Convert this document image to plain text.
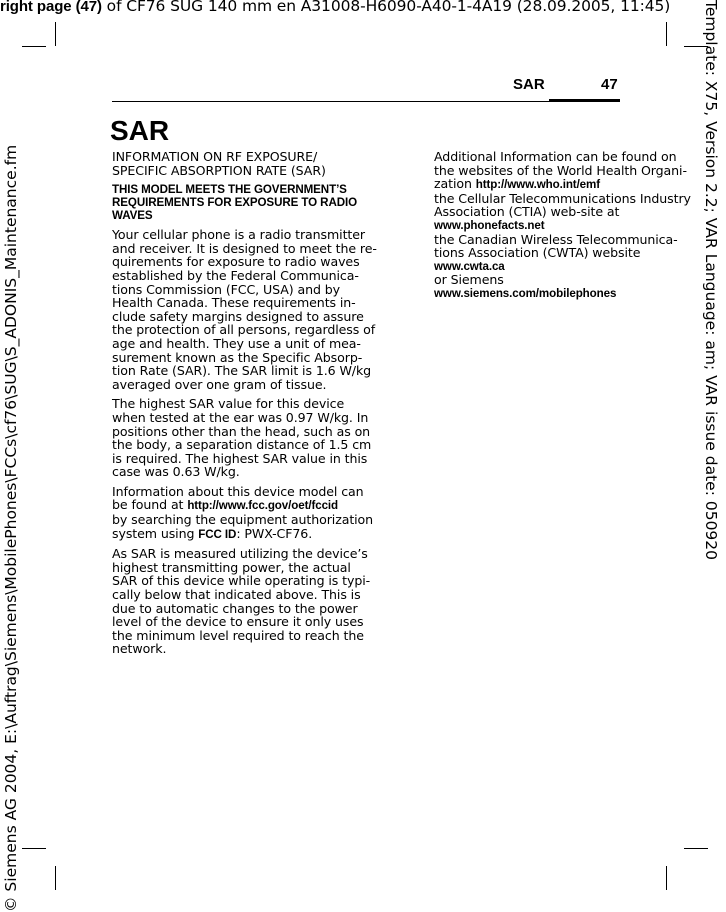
right page (47) of CF76 SUG 140 mm en A31008-H6090-A40-1-4A19 (28.09.2005, 11:45) Template: X75, Version 2.2; VAR Language: am; VAR issue date: 050920
© Siemens AG 2004, E:\Auftrag\Siemens\MobilePhones\FCCs\cf76\SUG\S_ADONIS_Maintenance.fm
SAR	47
SAR

INFORMATION ON RF EXPOSURE/
SPECIFIC ABSORPTION RATE (SAR)

THIS MODEL MEETS THE GOVERNMENT’S
REQUIREMENTS FOR EXPOSURE TO RADIO
WAVES

Your cellular phone is a radio transmitter
and receiver. It is designed to meet the re-
quirements for exposure to radio waves
established by the Federal Communica-
tions Commission (FCC, USA) and by
Health Canada. These requirements in-
clude safety margins designed to assure
the protection of all persons, regardless of
age and health. They use a unit of mea-
surement known as the Specific Absorp-
tion Rate (SAR). The SAR limit is 1.6 W/kg
averaged over one gram of tissue.

The highest SAR value for this device
when tested at the ear was 0.97 W/kg. In
positions other than the head, such as on
the body, a separation distance of 1.5 cm
is required. The highest SAR value in this
case was 0.63 W/kg.

Information about this device model can
be found at http://www.fcc.gov/oet/fccid
by searching the equipment authorization
system using FCC ID: PWX-CF76.

As SAR is measured utilizing the device’s
highest transmitting power, the actual
SAR of this device while operating is typi-
cally below that indicated above. This is
due to automatic changes to the power
level of the device to ensure it only uses
the minimum level required to reach the
network.

Additional Information can be found on
the websites of the World Health Organi-
zation http://www.who.int/emf
the Cellular Telecommunications Industry
Association (CTIA) web-site at
www.phonefacts.net
the Canadian Wireless Telecommunica-
tions Association (CWTA) website
www.cwta.ca
or Siemens
www.siemens.com/mobilephones
